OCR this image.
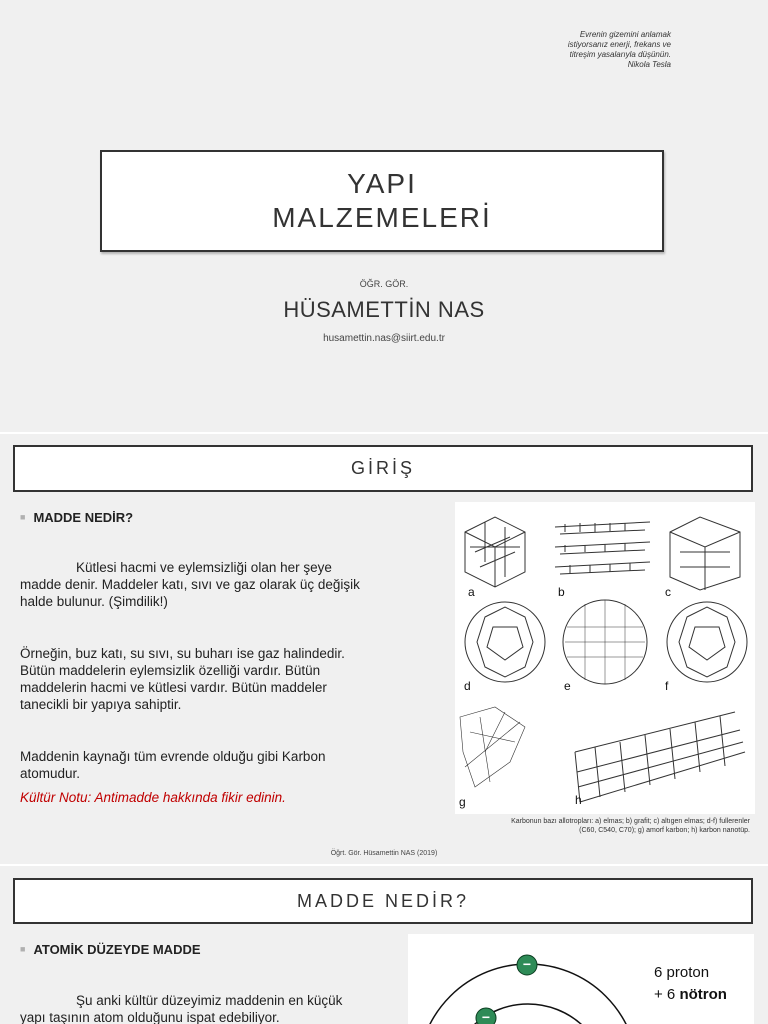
Evrenin gizemini anlamak
istiyorsanız enerji, frekans ve
titreşim yasalarıyla düşünün.
Nikola Tesla
YAPI
MALZEMELERİ
ÖĞR. GÖR.
HÜSAMETTİN NAS
husamettin.nas@siirt.edu.tr
GİRİŞ
■ MADDE NEDİR?
Kütlesi hacmi ve eylemsizliği olan her şeye madde denir. Maddeler katı, sıvı ve gaz olarak üç değişik halde bulunur. (Şimdilik!)
Örneğin, buz katı, su sıvı, su buharı ise gaz halindedir. Bütün maddelerin eylemsizlik özelliği vardır. Bütün maddelerin hacmi ve kütlesi vardır. Bütün maddeler tanecikli bir yapıya sahiptir.
Maddenin kaynağı tüm evrende olduğu gibi Karbon atomudur.
Kültür Notu: Antimadde hakkında fikir edinin.
a	b	c
d	e	f
g	h
Karbonun bazı allotropları: a) elmas; b) grafit; c) altıgen elmas; d-f) fullerenler
(C60, C540, C70); g) amorf karbon; h) karbon nanotüp.
Öğrt. Gör. Hüsamettin NAS (2019)
MADDE NEDİR?
■ ATOMİK DÜZEYDE MADDE
Şu anki kültür düzeyimiz maddenin en küçük yapı taşının atom olduğunu ispat edebiliyor.
−
−
6 proton
+ 6 nötron
